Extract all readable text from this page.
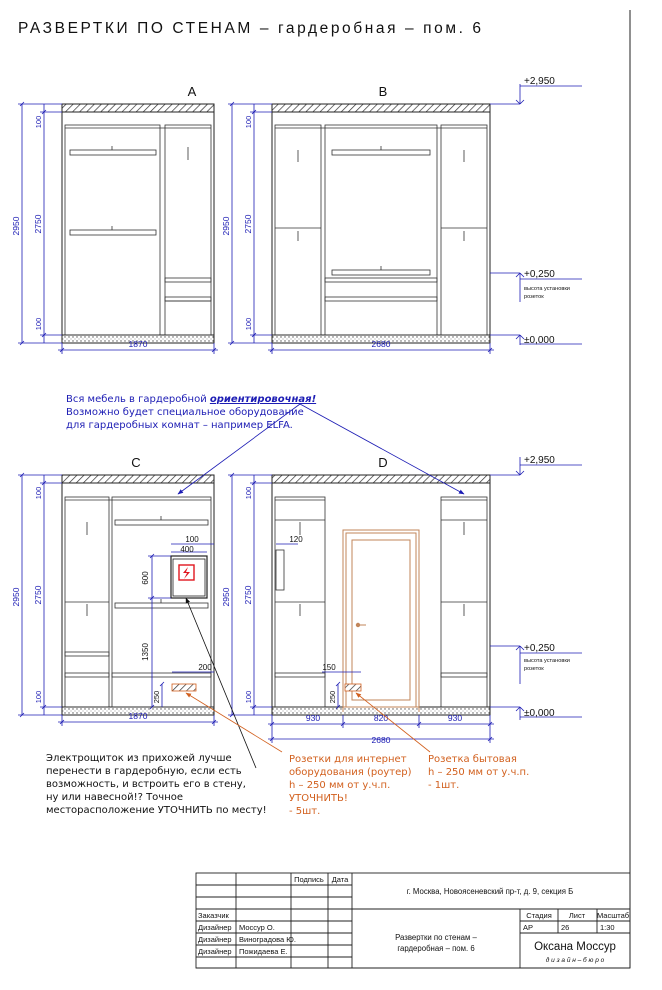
РАЗВЕРТКИ ПО СТЕНАМ – гардеробная – пом. 6
A
2950
100
2750
100
1870
B
2950
100
2750
100
2680
+2,950
+0,250
высота установки
розеток
±0,000
C
2950
100
2750
100
1870
100
400
600
1350
200
250
D
2950
100
2750
100
930	820	930
2680
120
150
250
+2,950
+0,250
высота установки
розеток
±0,000
Подпись Дата
г. Москва, Новоясеневский пр-т, д. 9, секция Б
Заказчик
Дизайнер Моссур О.
Дизайнер Виноградова Ю.
Дизайнер Пожидаева Е.
Развертки по стенам –
гардеробная – пом. 6
Стадия Лист Масштаб
АР	26	1:30
Оксана Моссур
д и з а й н – б ю р о

Вся мебель в гардеробной ориентировочная!

Возможно будет специальное оборудование

для гардеробных комнат – например ELFA.

Электрощиток из прихожей лучше

перенести в гардеробную, если есть

возможность, и встроить его в стену,

ну или навесной!? Точное

месторасположение УТОЧНИТЬ по месту!

Розетки для интернет

оборудования (роутер)

h – 250 мм от у.ч.п.

УТОЧНИТЬ!

- 5шт.

Розетка бытовая

h – 250 мм от у.ч.п.

- 1шт.
